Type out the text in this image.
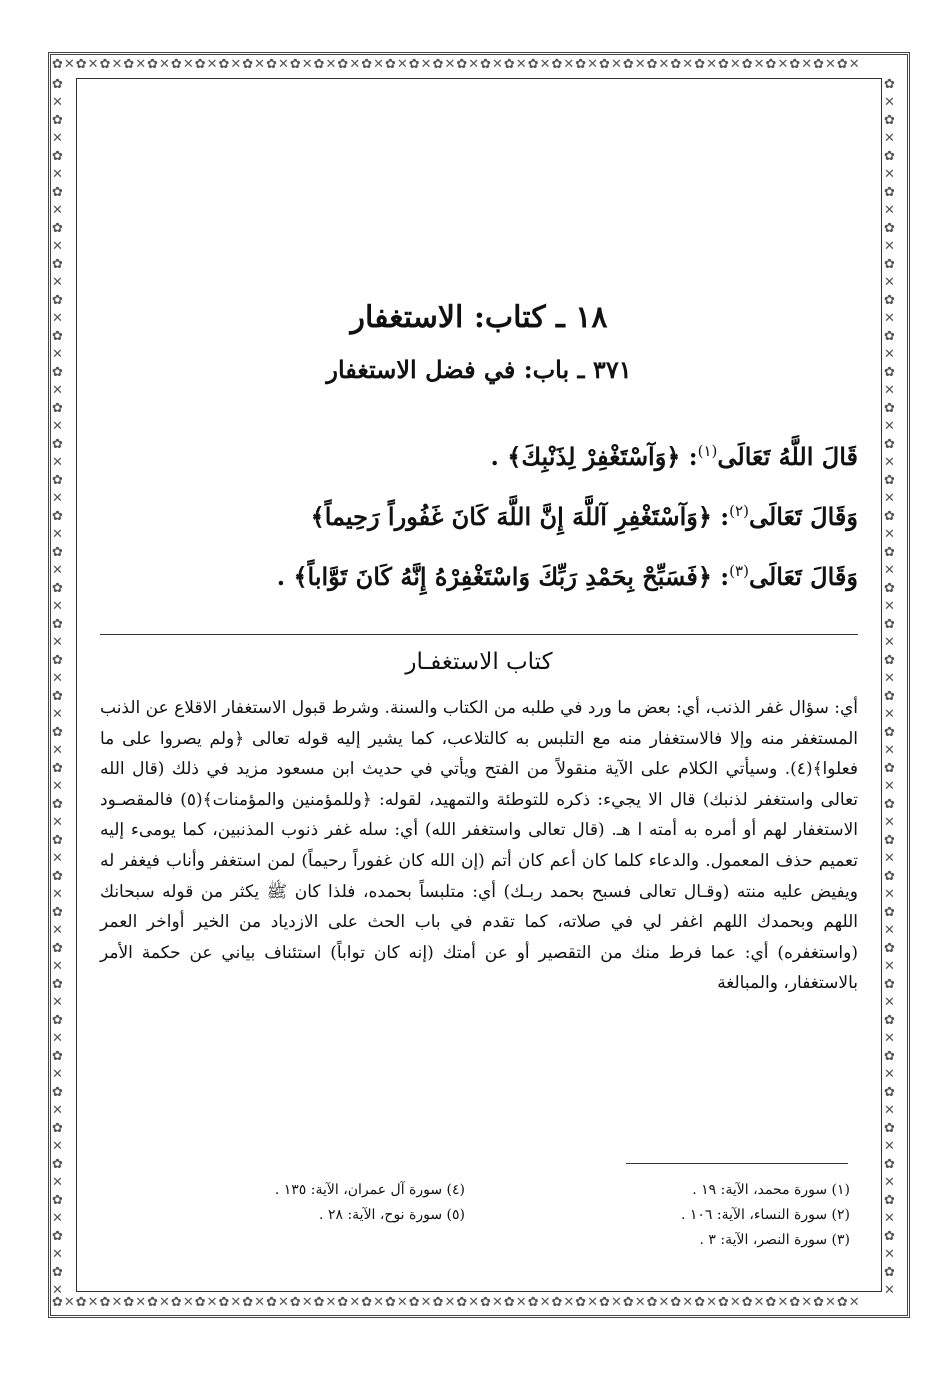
✿✕✿✕✿✕✿✕✿✕✿✕✿✕✿✕✿✕✿✕✿✕✿✕✿✕✿✕✿✕✿✕✿✕✿✕✿✕✿✕✿✕✿✕✿✕✿✕✿✕✿✕✿✕✿✕✿✕✿✕✿✕✿✕✿✕✿✕
✿✕✿✕✿✕✿✕✿✕✿✕✿✕✿✕✿✕✿✕✿✕✿✕✿✕✿✕✿✕✿✕✿✕✿✕✿✕✿✕✿✕✿✕✿✕✿✕✿✕✿✕✿✕✿✕✿✕✿✕✿✕✿✕✿✕✿✕
✿✕✿✕✿✕✿✕✿✕✿✕✿✕✿✕✿✕✿✕✿✕✿✕✿✕✿✕✿✕✿✕✿✕✿✕✿✕✿✕✿✕✿✕✿✕✿✕✿✕✿✕✿✕✿✕✿✕✿✕✿✕✿✕✿✕✿✕
✿✕✿✕✿✕✿✕✿✕✿✕✿✕✿✕✿✕✿✕✿✕✿✕✿✕✿✕✿✕✿✕✿✕✿✕✿✕✿✕✿✕✿✕✿✕✿✕✿✕✿✕✿✕✿✕✿✕✿✕✿✕✿✕✿✕✿✕
١٨ ـ كتاب: الاستغفار
٣٧١ ـ باب: في فضل الاستغفار
قَالَ اللَّهُ تَعَالَى$^{(١)}$: ﴿وَآسْتَغْفِرْ لِذَنْبِكَ﴾ .
وَقَالَ تَعَالَى$^{(٢)}$: ﴿وَآسْتَغْفِرِ آللَّهَ إِنَّ اللَّهَ كَانَ غَفُوراً رَحِيماً﴾
وَقَالَ تَعَالَى$^{(٣)}$: ﴿فَسَبِّحْ بِحَمْدِ رَبِّكَ وَاسْتَغْفِرْهُ إِنَّهُ كَانَ تَوَّاباً﴾ .
كتاب الاستغفـار
أي: سؤال غفر الذنب، أي: بعض ما ورد في طلبه من الكتاب والسنة. وشرط قبول الاستغفار الاقلاع عن الذنب المستغفر منه وإلا فالاستغفار منه مع التلبس به كالتلاعب، كما يشير إليه قوله تعالى ﴿ولم يصروا على ما فعلوا﴾(٤). وسيأتي الكلام على الآية منقولاً من الفتح ويأتي في حديث ابن مسعود مزيد في ذلك (قال الله تعالى واستغفر لذنبك) قال الا يجيء: ذكره للتوطئة والتمهيد، لقوله: ﴿وللمؤمنين والمؤمنات﴾(٥) فالمقصـود الاستغفار لهم أو أمره به أمته ا هـ. (قال تعالى واستغفر الله) أي: سله غفر ذنوب المذنبين، كما يومىء إليه تعميم حذف المعمول. والدعاء كلما كان أعم كان أتم (إن الله كان غفوراً رحيماً) لمن استغفر وأناب فيغفر له ويفيض عليه منته (وقـال تعالى فسبح بحمد ربـك) أي: متلبساً بحمده، فلذا كان ﷺ يكثر من قوله سبحانك اللهم وبحمدك اللهم اغفر لي في صلاته، كما تقدم في باب الحث على الازدياد من الخير أواخر العمر (واستغفره) أي: عما فرط منك من التقصير أو عن أمتك (إنه كان تواباً) استئناف بياني عن حكمة الأمر بالاستغفار، والمبالغة
(١) سورة محمد، الآية: ١٩ .
(٢) سورة النساء، الآية: ١٠٦ .
(٣) سورة النصر، الآية: ٣ .
(٤) سورة آل عمران، الآية: ١٣٥ .
(٥) سورة نوح، الآية: ٢٨ .
